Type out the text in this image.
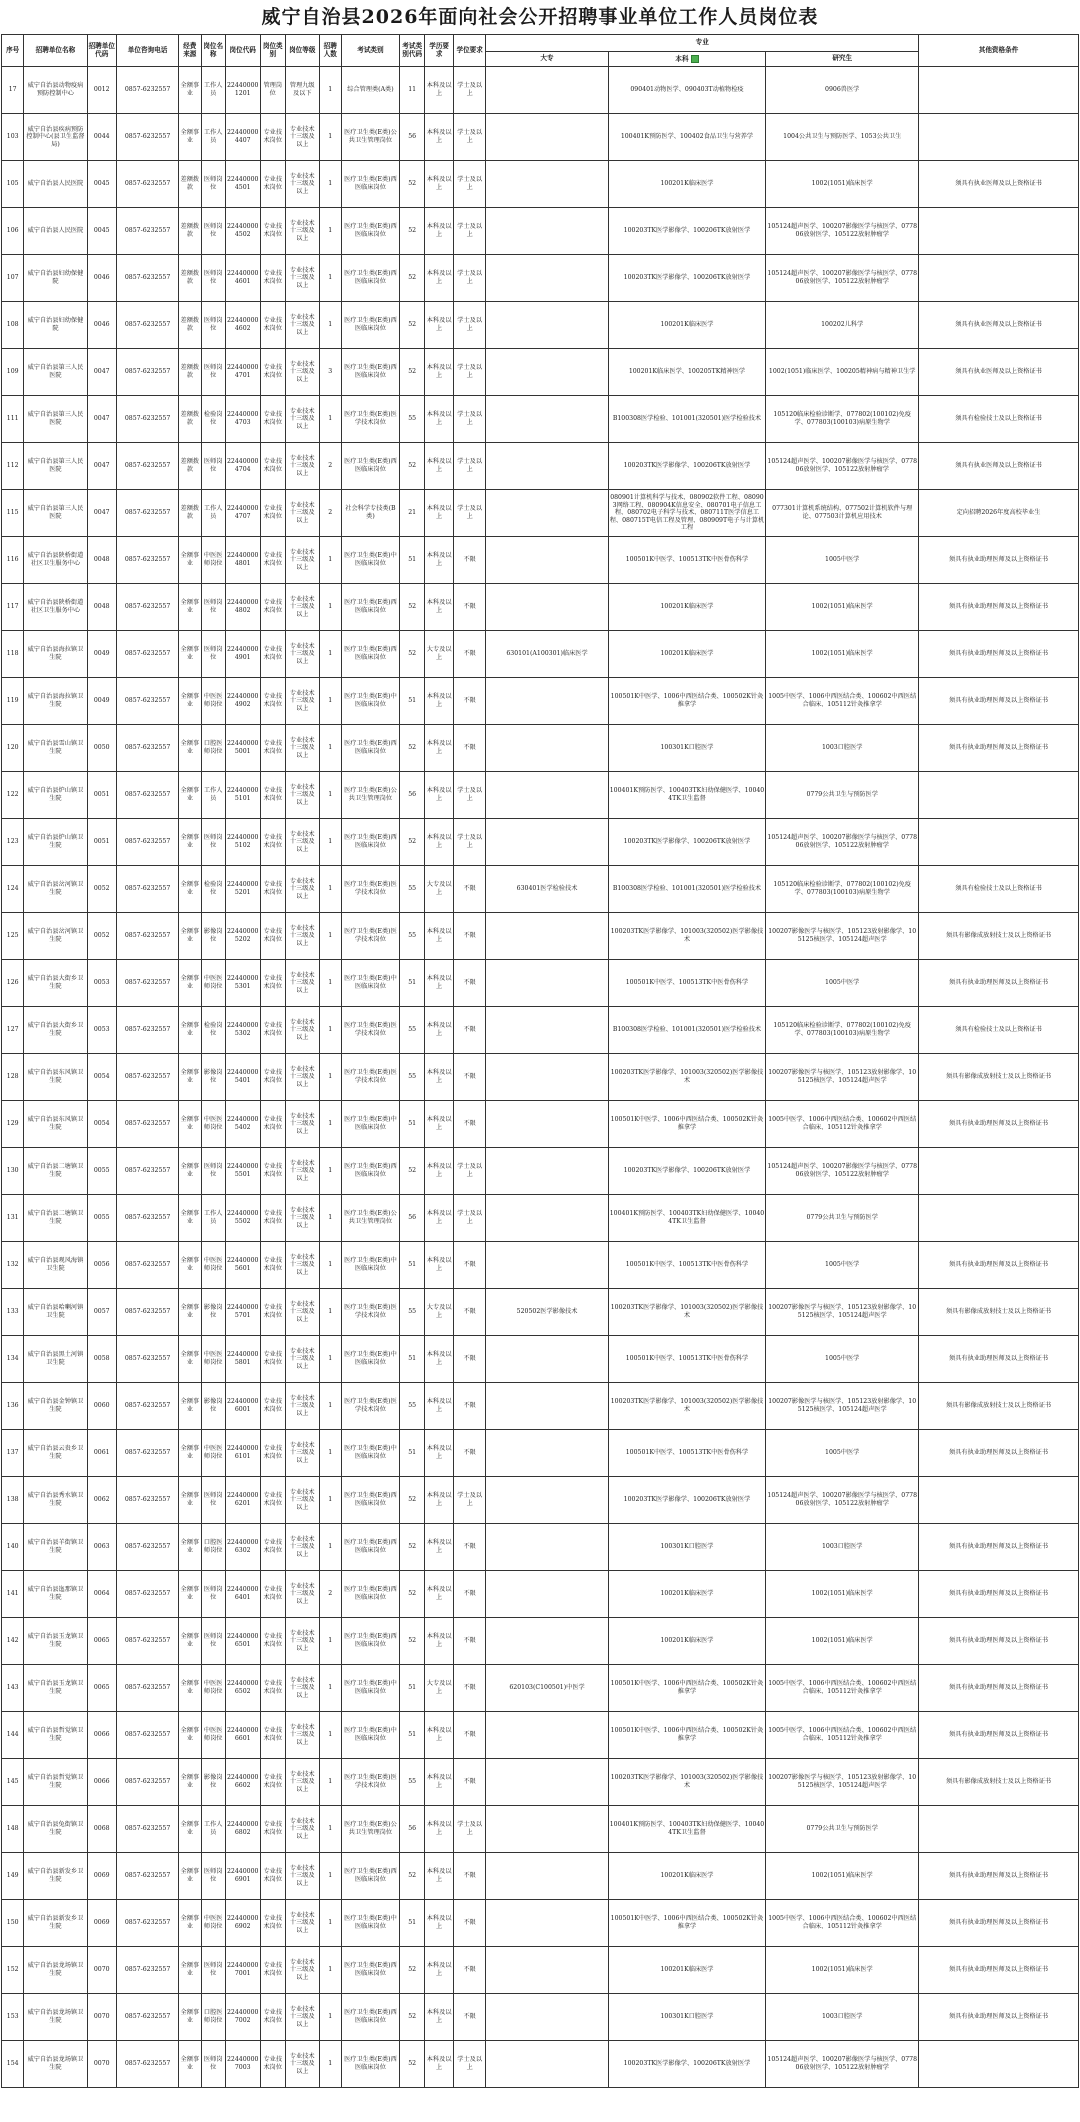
威宁自治县2026年面向社会公开招聘事业单位工作人员岗位表
序号	招聘单位名称	招聘单位代码	单位咨询电话	经费来源	岗位名称	岗位代码	岗位类别	岗位等级	招聘人数	考试类别	考试类别代码	学历要求	学位要求	专业			其他资格条件
														大专	本科	研究生	
17	威宁自治县动物疫病预防控制中心	0012	0857-6232557	全额事业	工作人员	22440000 1201	管理岗位	管理九级及以下	1	综合管理类(A类)	11	本科及以上	学士及以上		090401动物医学、090403T动植物检疫	0906兽医学	
103	威宁自治县疾病预防控制中心(县卫生监督局)	0044	0857-6232557	全额事业	工作人员	22440000 4407	专业技术岗位	专业技术十三级及以上	1	医疗卫生类(E类)公共卫生管理岗位	56	本科及以上	学士及以上		100401K预防医学、100402食品卫生与营养学	1004公共卫生与预防医学、1053公共卫生	
105	威宁自治县人民医院	0045	0857-6232557	差额拨款	医师岗位	22440000 4501	专业技术岗位	专业技术十三级及以上	1	医疗卫生类(E类)西医临床岗位	52	本科及以上	学士及以上		100201K临床医学	1002(1051)临床医学	须具有执业医师及以上资格证书
106	威宁自治县人民医院	0045	0857-6232557	差额拨款	医师岗位	22440000 4502	专业技术岗位	专业技术十三级及以上	1	医疗卫生类(E类)西医临床岗位	52	本科及以上	学士及以上		100203TK医学影像学、100206TK放射医学	105124超声医学、100207影像医学与核医学、077806放射医学、105122放射肿瘤学	
107	威宁自治县妇幼保健院	0046	0857-6232557	差额拨款	医师岗位	22440000 4601	专业技术岗位	专业技术十三级及以上	1	医疗卫生类(E类)西医临床岗位	52	本科及以上	学士及以上		100203TK医学影像学、100206TK放射医学	105124超声医学、100207影像医学与核医学、077806放射医学、105122放射肿瘤学	
108	威宁自治县妇幼保健院	0046	0857-6232557	差额拨款	医师岗位	22440000 4602	专业技术岗位	专业技术十三级及以上	1	医疗卫生类(E类)西医临床岗位	52	本科及以上	学士及以上		100201K临床医学	100202儿科学	须具有执业医师及以上资格证书
109	威宁自治县第三人民医院	0047	0857-6232557	差额拨款	医师岗位	22440000 4701	专业技术岗位	专业技术十三级及以上	3	医疗卫生类(E类)西医临床岗位	52	本科及以上	学士及以上		100201K临床医学、100205TK精神医学	1002(1051)临床医学、100205精神病与精神卫生学	须具有执业医师及以上资格证书
111	威宁自治县第三人民医院	0047	0857-6232557	差额拨款	检验岗位	22440000 4703	专业技术岗位	专业技术十三级及以上	1	医疗卫生类(E类)医学技术岗位	55	本科及以上	学士及以上		B100308医学检验、101001(320501)医学检验技术	105120临床检验诊断学、077802(100102)免疫学、077803(100103)病原生物学	须具有检验技士及以上资格证书
112	威宁自治县第三人民医院	0047	0857-6232557	差额拨款	医师岗位	22440000 4704	专业技术岗位	专业技术十三级及以上	2	医疗卫生类(E类)西医临床岗位	52	本科及以上	学士及以上		100203TK医学影像学、100206TK放射医学	105124超声医学、100207影像医学与核医学、077806放射医学、105122放射肿瘤学	须具有执业医师及以上资格证书
115	威宁自治县第三人民医院	0047	0857-6232557	差额拨款	工作人员	22440000 4707	专业技术岗位	专业技术十三级及以上	2	社会科学专技类(B类)	21	本科及以上	学士及以上		080901计算机科学与技术、080902软件工程、080903网络工程、080904K信息安全、080701电子信息工程、080702电子科学与技术、080711T医学信息工程、080715T电信工程及管理、080909T电子与计算机工程	077301计算机系统结构、077502计算机软件与理论、077503计算机应用技术	定向招聘2026年度高校毕业生
116	威宁自治县陕桥街道社区卫生服务中心	0048	0857-6232557	全额事业	中医医师岗位	22440000 4801	专业技术岗位	专业技术十三级及以上	1	医疗卫生类(E类)中医临床岗位	51	本科及以上	不限		100501K中医学、100513TK中医骨伤科学	1005中医学	须具有执业助理医师及以上资格证书
117	威宁自治县陕桥街道社区卫生服务中心	0048	0857-6232557	全额事业	医师岗位	22440000 4802	专业技术岗位	专业技术十三级及以上	1	医疗卫生类(E类)西医临床岗位	52	本科及以上	不限		100201K临床医学	1002(1051)临床医学	须具有执业助理医师及以上资格证书
118	威宁自治县海拉镇卫生院	0049	0857-6232557	全额事业	医师岗位	22440000 4901	专业技术岗位	专业技术十三级及以上	1	医疗卫生类(E类)西医临床岗位	52	大专及以上	不限	630101(A100301)临床医学	100201K临床医学	1002(1051)临床医学	须具有执业助理医师及以上资格证书
119	威宁自治县海拉镇卫生院	0049	0857-6232557	全额事业	中医医师岗位	22440000 4902	专业技术岗位	专业技术十三级及以上	1	医疗卫生类(E类)中医临床岗位	51	本科及以上	不限		100501K中医学、1006中西医结合类、100502K针灸推拿学	1005中医学、1006中西医结合类、100602中西医结合临床、105112针灸推拿学	须具有执业助理医师及以上资格证书
120	威宁自治县雪山镇卫生院	0050	0857-6232557	全额事业	口腔医师岗位	22440000 5001	专业技术岗位	专业技术十三级及以上	1	医疗卫生类(E类)西医临床岗位	52	本科及以上	不限		100301K口腔医学	1003口腔医学	须具有执业助理医师及以上资格证书
122	威宁自治县炉山镇卫生院	0051	0857-6232557	全额事业	工作人员	22440000 5101	专业技术岗位	专业技术十三级及以上	1	医疗卫生类(E类)公共卫生管理岗位	56	本科及以上	学士及以上		100401K预防医学、100403TK妇幼保健医学、100404TK卫生监督	0779公共卫生与预防医学	
123	威宁自治县炉山镇卫生院	0051	0857-6232557	全额事业	医师岗位	22440000 5102	专业技术岗位	专业技术十三级及以上	1	医疗卫生类(E类)西医临床岗位	52	本科及以上	学士及以上		100203TK医学影像学、100206TK放射医学	105124超声医学、100207影像医学与核医学、077806放射医学、105122放射肿瘤学	
124	威宁自治县岔河镇卫生院	0052	0857-6232557	全额事业	检验岗位	22440000 5201	专业技术岗位	专业技术十三级及以上	1	医疗卫生类(E类)医学技术岗位	55	大专及以上	不限	630401医学检验技术	B100308医学检验、101001(320501)医学检验技术	105120临床检验诊断学、077802(100102)免疫学、077803(100103)病原生物学	须具有检验技士及以上资格证书
125	威宁自治县岔河镇卫生院	0052	0857-6232557	全额事业	影像岗位	22440000 5202	专业技术岗位	专业技术十三级及以上	1	医疗卫生类(E类)医学技术岗位	55	本科及以上	不限		100203TK医学影像学、101003(320502)医学影像技术	100207影像医学与核医学、105123放射影像学、105125核医学、105124超声医学	须具有影像成放射技士及以上资格证书
126	威宁自治县大街乡卫生院	0053	0857-6232557	全额事业	中医医师岗位	22440000 5301	专业技术岗位	专业技术十三级及以上	1	医疗卫生类(E类)中医临床岗位	51	本科及以上	不限		100501K中医学、100513TK中医骨伤科学	1005中医学	须具有执业助理医师及以上资格证书
127	威宁自治县大街乡卫生院	0053	0857-6232557	全额事业	检验岗位	22440000 5302	专业技术岗位	专业技术十三级及以上	1	医疗卫生类(E类)医学技术岗位	55	本科及以上	不限		B100308医学检验、101001(320501)医学检验技术	105120临床检验诊断学、077802(100102)免疫学、077803(100103)病原生物学	须具有检验技士及以上资格证书
128	威宁自治县东风镇卫生院	0054	0857-6232557	全额事业	影像岗位	22440000 5401	专业技术岗位	专业技术十三级及以上	1	医疗卫生类(E类)医学技术岗位	55	本科及以上	不限		100203TK医学影像学、101003(320502)医学影像技术	100207影像医学与核医学、105123放射影像学、105125核医学、105124超声医学	须具有影像成放射技士及以上资格证书
129	威宁自治县东风镇卫生院	0054	0857-6232557	全额事业	中医医师岗位	22440000 5402	专业技术岗位	专业技术十三级及以上	1	医疗卫生类(E类)中医临床岗位	51	本科及以上	不限		100501K中医学、1006中西医结合类、100502K针灸推拿学	1005中医学、1006中西医结合类、100602中西医结合临床、105112针灸推拿学	须具有执业助理医师及以上资格证书
130	威宁自治县二塘镇卫生院	0055	0857-6232557	全额事业	医师岗位	22440000 5501	专业技术岗位	专业技术十三级及以上	1	医疗卫生类(E类)西医临床岗位	52	本科及以上	学士及以上		100203TK医学影像学、100206TK放射医学	105124超声医学、100207影像医学与核医学、077806放射医学、105122放射肿瘤学	
131	威宁自治县二塘镇卫生院	0055	0857-6232557	全额事业	工作人员	22440000 5502	专业技术岗位	专业技术十三级及以上	1	医疗卫生类(E类)公共卫生管理岗位	56	本科及以上	学士及以上		100401K预防医学、100403TK妇幼保健医学、100404TK卫生监督	0779公共卫生与预防医学	
132	威宁自治县观风海镇卫生院	0056	0857-6232557	全额事业	中医医师岗位	22440000 5601	专业技术岗位	专业技术十三级及以上	1	医疗卫生类(E类)中医临床岗位	51	本科及以上	不限		100501K中医学、100513TK中医骨伤科学	1005中医学	须具有执业助理医师及以上资格证书
133	威宁自治县哈喇河镇卫生院	0057	0857-6232557	全额事业	影像岗位	22440000 5701	专业技术岗位	专业技术十三级及以上	1	医疗卫生类(E类)医学技术岗位	55	大专及以上	不限	520502医学影像技术	100203TK医学影像学、101003(320502)医学影像技术	100207影像医学与核医学、105123放射影像学、105125核医学、105124超声医学	须具有影像成放射技士及以上资格证书
134	威宁自治县黑土河镇卫生院	0058	0857-6232557	全额事业	中医医师岗位	22440000 5801	专业技术岗位	专业技术十三级及以上	1	医疗卫生类(E类)中医临床岗位	51	本科及以上	不限		100501K中医学、100513TK中医骨伤科学	1005中医学	须具有执业助理医师及以上资格证书
136	威宁自治县金钟镇卫生院	0060	0857-6232557	全额事业	影像岗位	22440000 6001	专业技术岗位	专业技术十三级及以上	1	医疗卫生类(E类)医学技术岗位	55	本科及以上	不限		100203TK医学影像学、101003(320502)医学影像技术	100207影像医学与核医学、105123放射影像学、105125核医学、105124超声医学	须具有影像成放射技士及以上资格证书
137	威宁自治县云贵乡卫生院	0061	0857-6232557	全额事业	中医医师岗位	22440000 6101	专业技术岗位	专业技术十三级及以上	1	医疗卫生类(E类)中医临床岗位	51	本科及以上	不限		100501K中医学、100513TK中医骨伤科学	1005中医学	须具有执业助理医师及以上资格证书
138	威宁自治县秀水镇卫生院	0062	0857-6232557	全额事业	医师岗位	22440000 6201	专业技术岗位	专业技术十三级及以上	1	医疗卫生类(E类)西医临床岗位	52	本科及以上	学士及以上		100203TK医学影像学、100206TK放射医学	105124超声医学、100207影像医学与核医学、077806放射医学、105122放射肿瘤学	
140	威宁自治县羊街镇卫生院	0063	0857-6232557	全额事业	口腔医师岗位	22440000 6302	专业技术岗位	专业技术十三级及以上	1	医疗卫生类(E类)西医临床岗位	52	本科及以上	不限		100301K口腔医学	1003口腔医学	须具有执业助理医师及以上资格证书
141	威宁自治县迤那镇卫生院	0064	0857-6232557	全额事业	医师岗位	22440000 6401	专业技术岗位	专业技术十三级及以上	2	医疗卫生类(E类)西医临床岗位	52	本科及以上	不限		100201K临床医学	1002(1051)临床医学	须具有执业助理医师及以上资格证书
142	威宁自治县玉龙镇卫生院	0065	0857-6232557	全额事业	医师岗位	22440000 6501	专业技术岗位	专业技术十三级及以上	1	医疗卫生类(E类)西医临床岗位	52	本科及以上	不限		100201K临床医学	1002(1051)临床医学	须具有执业助理医师及以上资格证书
143	威宁自治县玉龙镇卫生院	0065	0857-6232557	全额事业	中医医师岗位	22440000 6502	专业技术岗位	专业技术十三级及以上	1	医疗卫生类(E类)中医临床岗位	51	大专及以上	不限	620103(C100501)中医学	100501K中医学、1006中西医结合类、100502K针灸推拿学	1005中医学、1006中西医结合类、100602中西医结合临床、105112针灸推拿学	须具有执业助理医师及以上资格证书
144	威宁自治县哲觉镇卫生院	0066	0857-6232557	全额事业	中医医师岗位	22440000 6601	专业技术岗位	专业技术十三级及以上	1	医疗卫生类(E类)中医临床岗位	51	本科及以上	不限		100501K中医学、1006中西医结合类、100502K针灸推拿学	1005中医学、1006中西医结合类、100602中西医结合临床、105112针灸推拿学	须具有执业助理医师及以上资格证书
145	威宁自治县哲觉镇卫生院	0066	0857-6232557	全额事业	影像岗位	22440000 6602	专业技术岗位	专业技术十三级及以上	1	医疗卫生类(E类)医学技术岗位	55	本科及以上	不限		100203TK医学影像学、101003(320502)医学影像技术	100207影像医学与核医学、105123放射影像学、105125核医学、105124超声医学	须具有影像成放射技士及以上资格证书
148	威宁自治县兔街镇卫生院	0068	0857-6232557	全额事业	工作人员	22440000 6802	专业技术岗位	专业技术十三级及以上	1	医疗卫生类(E类)公共卫生管理岗位	56	本科及以上	学士及以上		100401K预防医学、100403TK妇幼保健医学、100404TK卫生监督	0779公共卫生与预防医学	
149	威宁自治县新发乡卫生院	0069	0857-6232557	全额事业	医师岗位	22440000 6901	专业技术岗位	专业技术十三级及以上	1	医疗卫生类(E类)西医临床岗位	52	本科及以上	不限		100201K临床医学	1002(1051)临床医学	须具有执业助理医师及以上资格证书
150	威宁自治县新发乡卫生院	0069	0857-6232557	全额事业	中医医师岗位	22440000 6902	专业技术岗位	专业技术十三级及以上	1	医疗卫生类(E类)中医临床岗位	51	本科及以上	不限		100501K中医学、1006中西医结合类、100502K针灸推拿学	1005中医学、1006中西医结合类、100602中西医结合临床、105112针灸推拿学	须具有执业助理医师及以上资格证书
152	威宁自治县龙场镇卫生院	0070	0857-6232557	全额事业	医师岗位	22440000 7001	专业技术岗位	专业技术十三级及以上	1	医疗卫生类(E类)西医临床岗位	52	本科及以上	不限		100201K临床医学	1002(1051)临床医学	须具有执业助理医师及以上资格证书
153	威宁自治县龙场镇卫生院	0070	0857-6232557	全额事业	口腔医师岗位	22440000 7002	专业技术岗位	专业技术十三级及以上	1	医疗卫生类(E类)西医临床岗位	52	本科及以上	不限		100301K口腔医学	1003口腔医学	须具有执业助理医师及以上资格证书
154	威宁自治县龙场镇卫生院	0070	0857-6232557	全额事业	医师岗位	22440000 7003	专业技术岗位	专业技术十三级及以上	1	医疗卫生类(E类)西医临床岗位	52	本科及以上	学士及以上		100203TK医学影像学、100206TK放射医学	105124超声医学、100207影像医学与核医学、077806放射医学、105122放射肿瘤学	
